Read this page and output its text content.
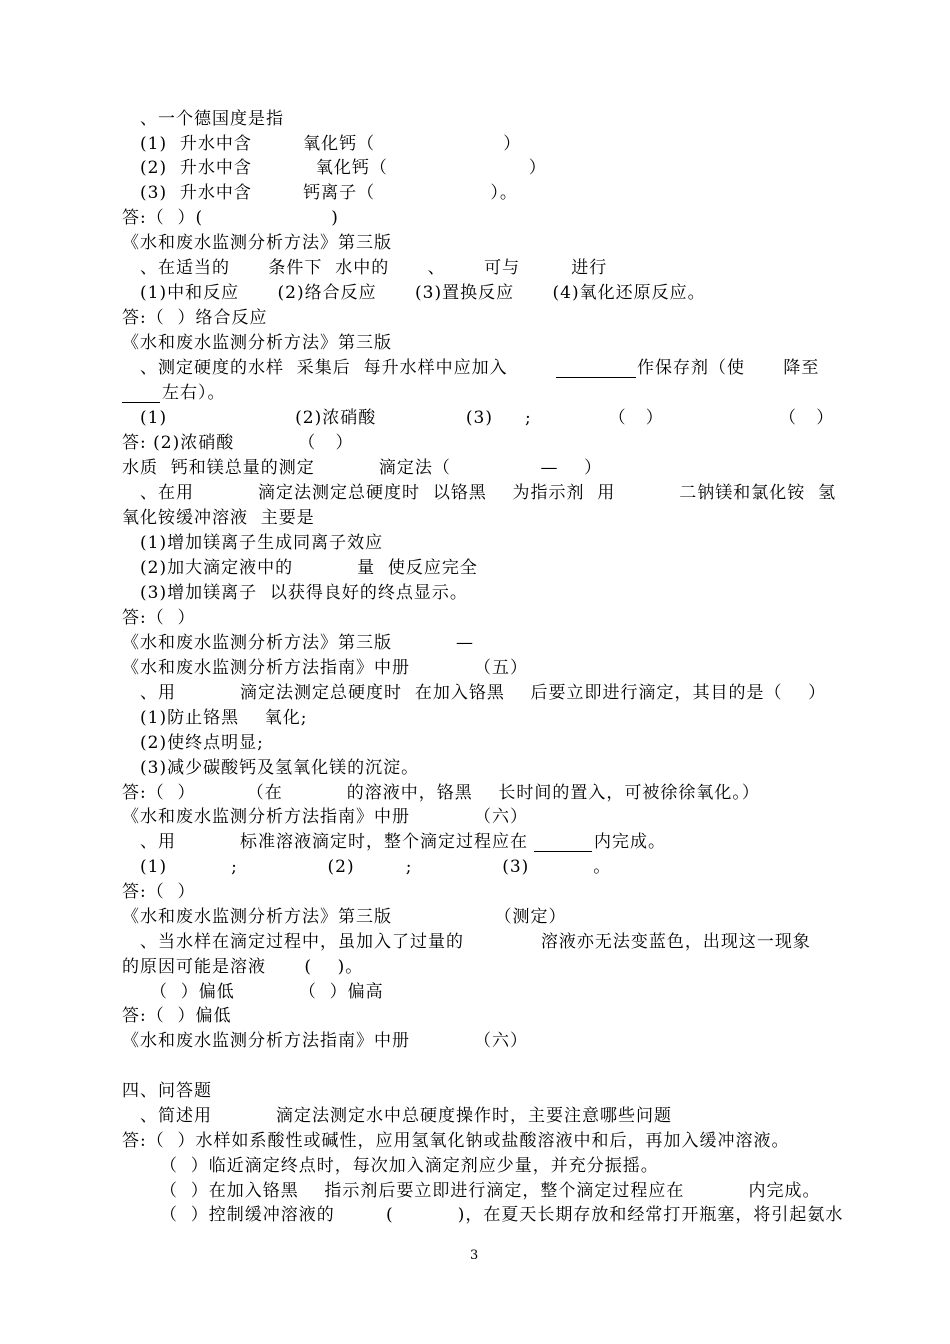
、一个德国度是指
(1)  升水中含        氧化钙（                    ）
(2)  升水中含          氧化钙（                      ）
(3)  升水中含        钙离子（                  ）。
答:（  ）(                    )
《水和废水监测分析方法》第三版
、在适当的      条件下  水中的      、      可与        进行
(1)中和反应      (2)络合反应      (3)置换反应      (4)氧化还原反应。
答:（  ）络合反应
《水和废水监测分析方法》第三版
、测定硬度的水样  采集后  每升水样中应加入	作保存剂（使      降至
左右）。
(1)                    (2)浓硝酸              (3)     ;            （   ）                  （   ）
答: (2)浓硝酸          （   ）
水质  钙和镁总量的测定          滴定法（              —    ）
、在用          滴定法测定总硬度时  以铬黑    为指示剂  用          二钠镁和氯化铵  氢
氧化铵缓冲溶液  主要是
(1)增加镁离子生成同离子效应
(2)加大滴定液中的          量  使反应完全
(3)增加镁离子  以获得良好的终点显示。
答:（  ）
《水和废水监测分析方法》第三版          —
《水和废水监测分析方法指南》中册          （五）
、用          滴定法测定总硬度时  在加入铬黑    后要立即进行滴定，其目的是（    ）
(1)防止铬黑    氧化;
(2)使终点明显;
(3)减少碳酸钙及氢氧化镁的沉淀。
答:（  ）        （在          的溶液中，铬黑    长时间的置入，可被徐徐氧化。）
《水和废水监测分析方法指南》中册          （六）
、用          标准溶液滴定时，整个滴定过程应在	内完成。
(1)          ;              (2)        ;              (3)          。
答:（  ）
《水和废水监测分析方法》第三版                （测定）
、当水样在滴定过程中，虽加入了过量的            溶液亦无法变蓝色，出现这一现象
的原因可能是溶液      (    )。
（  ）偏低          （  ）偏高
答:（  ）偏低
《水和废水监测分析方法指南》中册          （六）
四、问答题
、简述用          滴定法测定水中总硬度操作时，主要注意哪些问题
答:（  ）水样如系酸性或碱性，应用氢氧化钠或盐酸溶液中和后，再加入缓冲溶液。
（  ）临近滴定终点时，每次加入滴定剂应少量，并充分振摇。
（  ）在加入铬黑    指示剂后要立即进行滴定，整个滴定过程应在          内完成。
（  ）控制缓冲溶液的        (          )，在夏天长期存放和经常打开瓶塞，将引起氨水
3
